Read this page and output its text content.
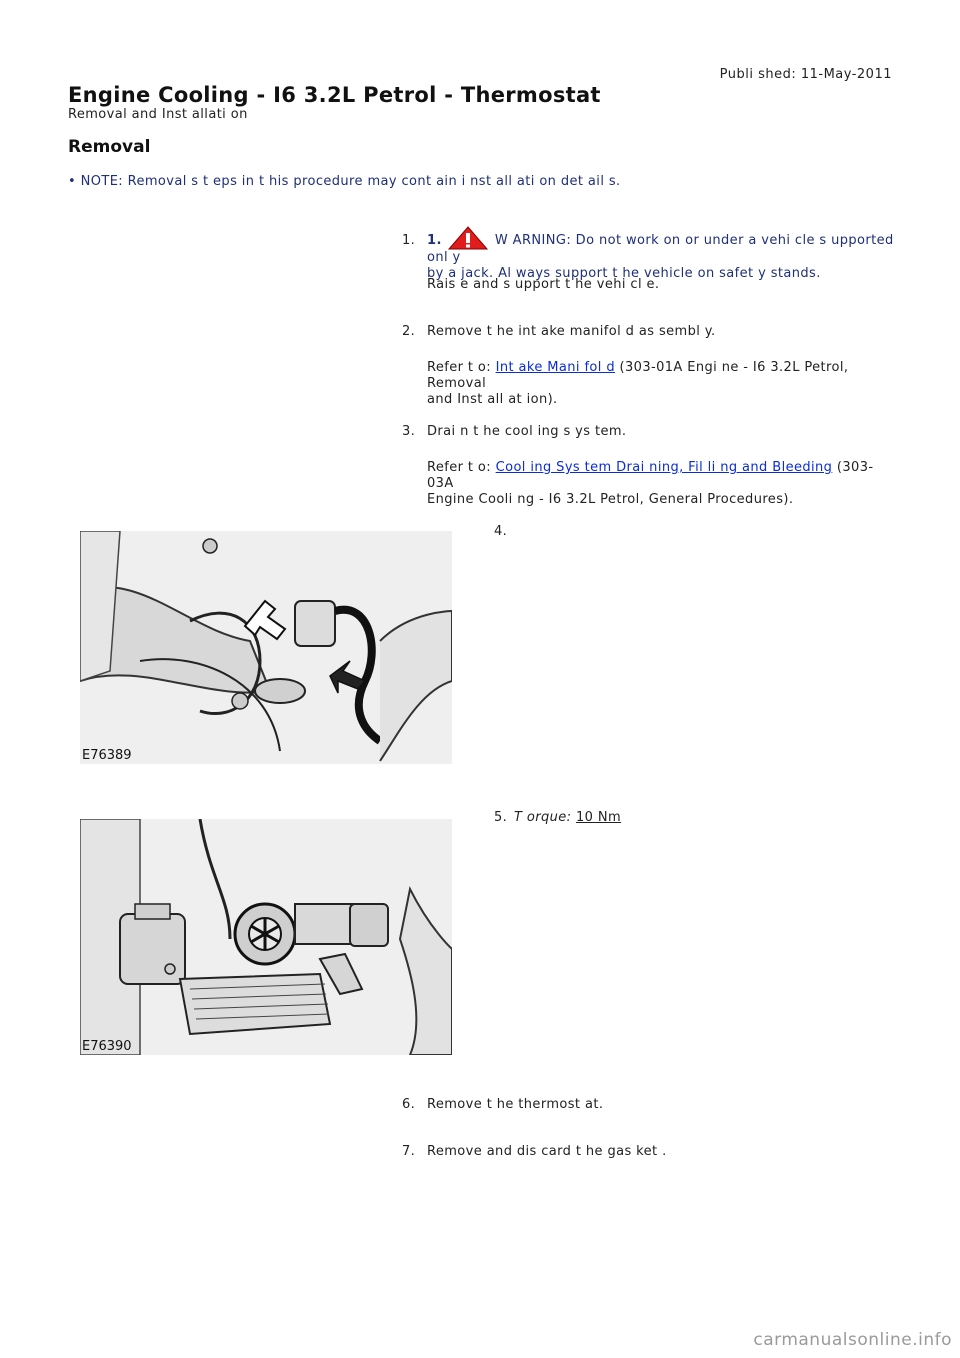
Publi shed: 11-May-2011
Engine Cooling - I6 3.2L Petrol - Thermostat
Removal and Inst allati on
Removal
• NOTE: Removal s t eps in t his procedure may cont ain i nst all ati on det ail s.
1. 1.	W ARNING: Do not work on or under a vehi cle s upported onl y
by a jack. Al ways support t he vehicle on safet y stands.
Rais e and s upport t he vehi cl e.
2. Remove t he int ake manifol d as sembl y.
Refer t o: Int ake Mani fol d (303-01A Engi ne - I6 3.2L Petrol, Removal
and Inst all at ion).
3. Drai n t he cool ing s ys tem.
Refer t o: Cool ing Sys tem Drai ning, Fil li ng and Bleeding (303-03A
Engine Cooli ng - I6 3.2L Petrol, General Procedures).
4.
E76389
5. T orque: 10 Nm
E76390
6. Remove t he thermost at.
7. Remove and dis card t he gas ket .
carmanualsonline.info
